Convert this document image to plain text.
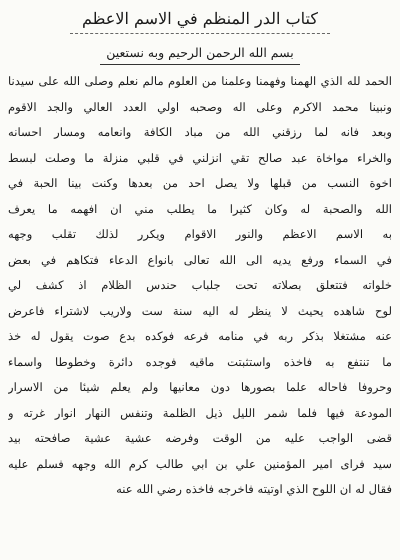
كتاب الدر المنظم في الاسم الاعظم
بسم الله الرحمن الرحيم وبه نستعين
الحمد لله الذي الهمنا وفهمنا وعلمنا من العلوم مالم نعلم وصلى الله على سيدنا
ونبينا محمد الاكرم وعلى اله وصحبه اولي العدد العالي والجد الاقوم
وبعد فانه لما رزقني الله من مباد الكافة وانعامه ومسار احسانه
والخراء مواخاة عبد صالح تقي انزلني في قلبي منزلة ما وصلت لبسط
اخوة النسب من قبلها ولا يصل احد من بعدها وكنت بينا الحبة في
الله والصحبة له وكان كثيرا ما يطلب مني ان افهمه ما يعرف
به الاسم الاعظم والنور الاقوام ويكرر لذلك تقلب وجهه
في السماء ورفع يديه الى الله تعالى بانواع الدعاء فتكاهم في بعض
خلواته فتتعلق بصلاته تحت جلباب حندس الظلام اذ كشف لي
لوح شاهده يحيث لا ينظر له اليه سنة ست ولاريب لاشتراء فاعرض
عنه مشتغلا بذكر ربه في منامه فرعه فوكده بدع صوت يقول له خذ
ما تنتفع به فاخذه واستثبتت ماقيه فوجده دائرة وخطوطا واسماء
وحروفا فاحاله علما بصورها دون معانيها ولم يعلم شيئا من الاسرار
المودعة فيها فلما شمر الليل ذيل الظلمة وتنفس النهار انوار غرته و
قضى الواجب عليه من الوقت وفرضه عشية عشية صافحته بيد
سيد فراى امير المؤمنين علي بن ابي طالب كرم الله وجهه فسلم عليه
فقال له ان اللوح الذي اوتيته فاخرجه فاخذه رضي الله عنه
